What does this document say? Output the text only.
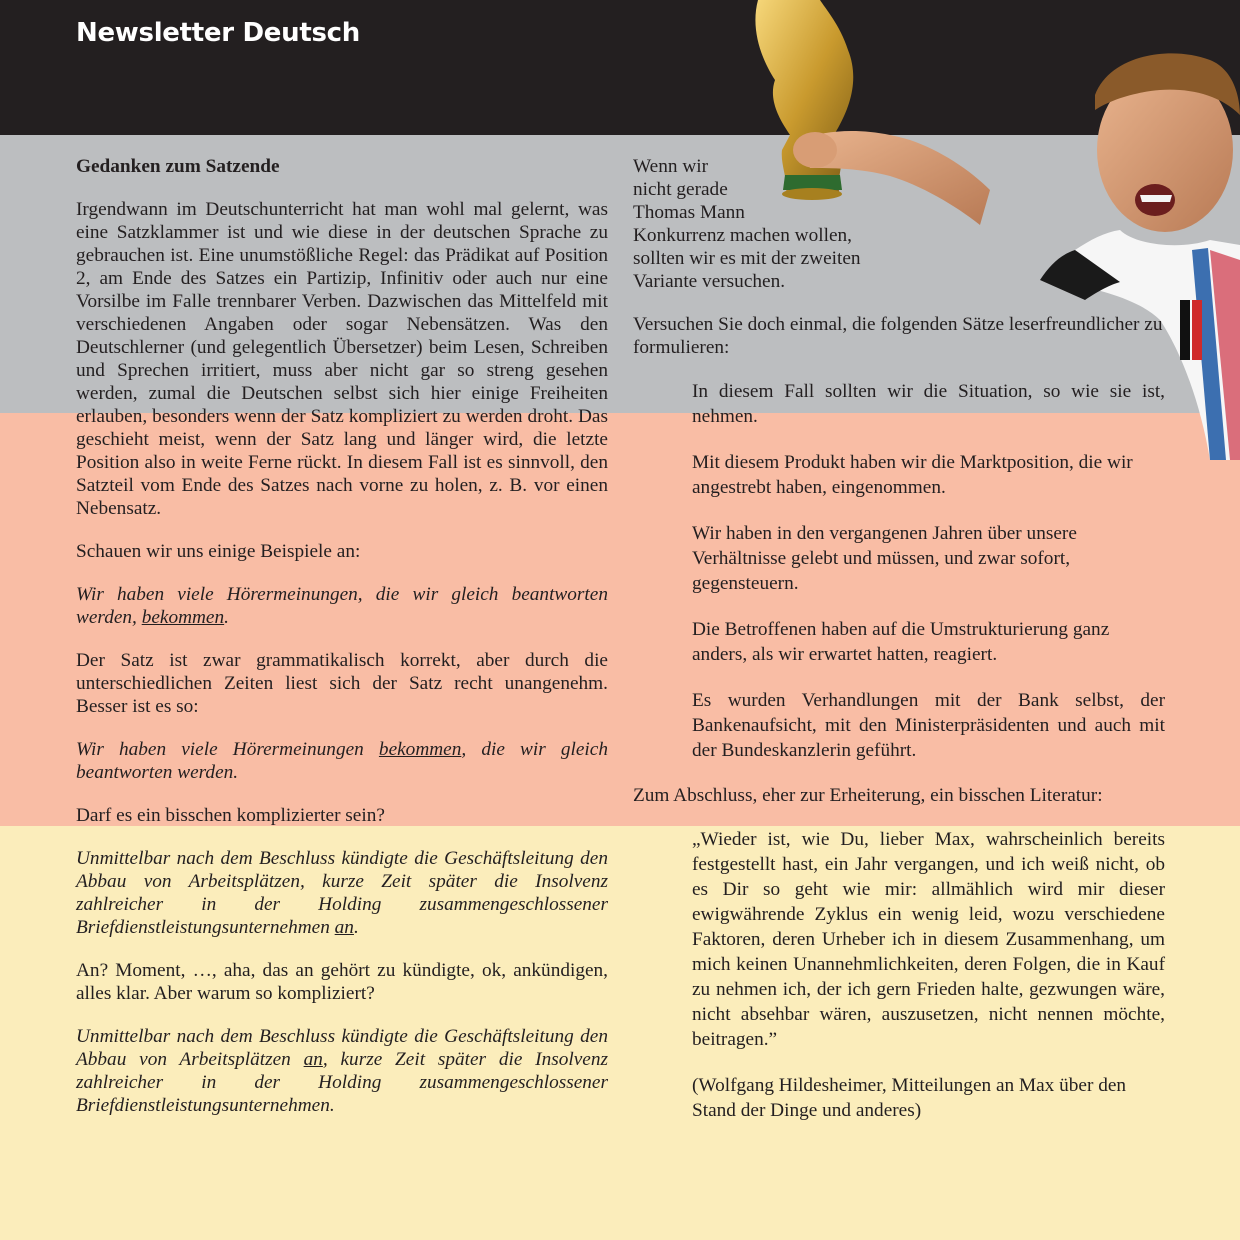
Newsletter Deutsch

Gedanken zum Satzende

Irgendwann im Deutschunterricht hat man wohl mal gelernt, was eine Satzklammer ist und wie diese in der deutschen Sprache zu gebrauchen ist. Eine unumstößliche Regel: das Prädikat auf Position 2, am Ende des Satzes ein Partizip, Infinitiv oder auch nur eine Vorsilbe im Falle trennbarer Verben. Dazwischen das Mittelfeld mit verschiedenen Angaben oder sogar Nebensätzen. Was den Deutschlerner (und gelegentlich Übersetzer) beim Lesen, Schreiben und Sprechen irritiert, muss aber nicht gar so streng gesehen werden, zumal die Deutschen selbst sich hier einige Freiheiten erlauben, besonders wenn der Satz kompliziert zu werden droht. Das geschieht meist, wenn der Satz lang und länger wird, die letzte Position also in weite Ferne rückt. In diesem Fall ist es sinnvoll, den Satzteil vom Ende des Satzes nach vorne zu holen, z. B. vor einen Nebensatz.

Schauen wir uns einige Beispiele an:

Wir haben viele Hörermeinungen, die wir gleich beantworten werden, bekommen.

Der Satz ist zwar grammatikalisch korrekt, aber durch die unterschiedlichen Zeiten liest sich der Satz recht unangenehm. Besser ist es so:

Wir haben viele Hörermeinungen bekommen, die wir gleich beantworten werden.

Darf es ein bisschen komplizierter sein?

Unmittelbar nach dem Beschluss kündigte die Geschäftsleitung den Abbau von Arbeitsplätzen, kurze Zeit später die Insolvenz zahlreicher in der Holding zusammengeschlossener Briefdienstleistungsunternehmen an.

An? Moment, …, aha, das an gehört zu kündigte, ok, ankündigen, alles klar. Aber warum so kompliziert?

Unmittelbar nach dem Beschluss kündigte die Geschäftsleitung den Abbau von Arbeitsplätzen an, kurze Zeit später die Insolvenz zahlreicher in der Holding zusammengeschlossener Briefdienstleistungsunternehmen.

Wenn wir
nicht gerade
Thomas Mann
Konkurrenz machen wollen,
sollten wir es mit der zweiten
Variante versuchen.

Versuchen Sie doch einmal, die folgenden Sätze leserfreundlicher zu formulieren:

In diesem Fall sollten wir die Situation, so wie sie ist, nehmen.

Mit diesem Produkt haben wir die Marktposition, die wir angestrebt haben, eingenommen.

Wir haben in den vergangenen Jahren über unsere Verhältnisse gelebt und müssen, und zwar sofort, gegensteuern.

Die Betroffenen haben auf die Umstrukturierung ganz anders, als wir erwartet hatten, reagiert.

Es wurden Verhandlungen mit der Bank selbst, der Bankenaufsicht, mit den Ministerpräsidenten und auch mit der Bundeskanzlerin geführt.

Zum Abschluss, eher zur Erheiterung, ein bisschen Literatur:

„Wieder ist, wie Du, lieber Max, wahrscheinlich bereits festgestellt hast, ein Jahr vergangen, und ich weiß nicht, ob es Dir so geht wie mir: allmählich wird mir dieser ewigwährende Zyklus ein wenig leid, wozu verschiedene Faktoren, deren Urheber ich in diesem Zusammenhang, um mich keinen Unannehmlichkeiten, deren Folgen, die in Kauf zu nehmen ich, der ich gern Frieden halte, gezwungen wäre, nicht absehbar wären, auszusetzen, nicht nennen möchte, beitragen.”

(Wolfgang Hildesheimer, Mitteilungen an Max über den Stand der Dinge und anderes)
